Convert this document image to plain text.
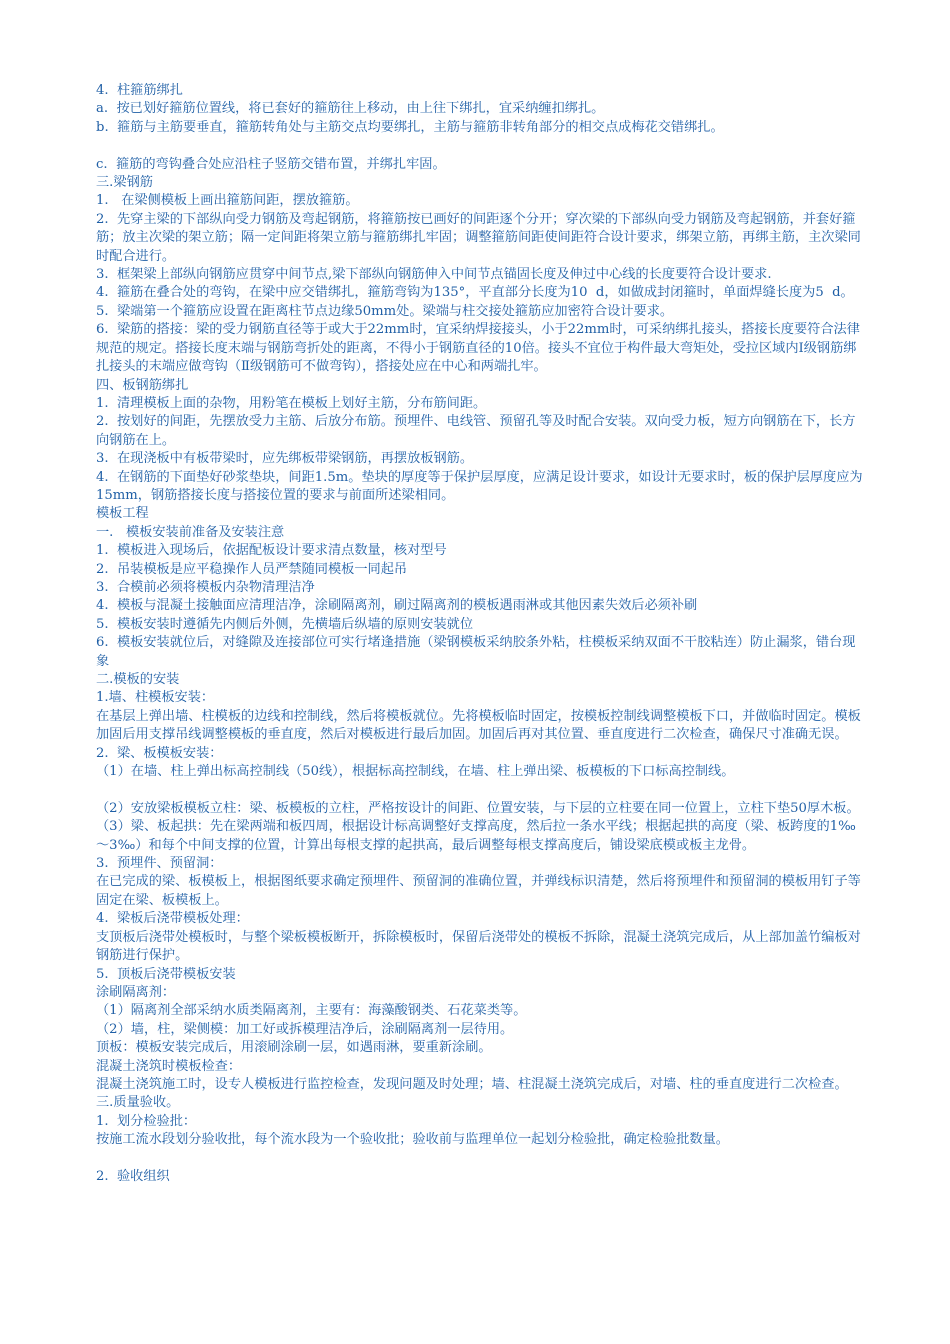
4.  柱箍筋绑扎
a.  按已划好箍筋位置线，将已套好的箍筋往上移动，由上往下绑扎，宜采纳缠扣绑扎。
b.  箍筋与主筋要垂直，箍筋转角处与主筋交点均要绑扎，主筋与箍筋非转角部分的相交点成梅花交错绑扎。

c.  箍筋的弯钩叠合处应沿柱子竖筋交错布置，并绑扎牢固。
三.梁钢筋
1.   在梁侧模板上画出箍筋间距，摆放箍筋。
2.  先穿主梁的下部纵向受力钢筋及弯起钢筋，将箍筋按已画好的间距逐个分开；穿次梁的下部纵向受力钢筋及弯起钢筋，并套好箍筋；放主次梁的架立筋；隔一定间距将架立筋与箍筋绑扎牢固；调整箍筋间距使间距符合设计要求，绑架立筋，再绑主筋，主次梁同时配合进行。
3.  框架梁上部纵向钢筋应贯穿中间节点,梁下部纵向钢筋伸入中间节点锚固长度及伸过中心线的长度要符合设计要求.
4.  箍筋在叠合处的弯钩，在梁中应交错绑扎，箍筋弯钩为135°，平直部分长度为10  d，如做成封闭箍时，单面焊缝长度为5  d。
5.  梁端第一个箍筋应设置在距离柱节点边缘50mm处。梁端与柱交接处箍筋应加密符合设计要求。
6.  梁筋的搭接：梁的受力钢筋直径等于或大于22mm时，宜采纳焊接接头，小于22mm时，可采纳绑扎接头，搭接长度要符合法律规范的规定。搭接长度末端与钢筋弯折处的距离，不得小于钢筋直径的10倍。接头不宜位于构件最大弯矩处，受拉区域内Ⅰ级钢筋绑扎接头的末端应做弯钩（Ⅱ级钢筋可不做弯钩），搭接处应在中心和两端扎牢。
四、板钢筋绑扎
1.  清理模板上面的杂物，用粉笔在模板上划好主筋，分布筋间距。
2.  按划好的间距，先摆放受力主筋、后放分布筋。预埋件、电线管、预留孔等及时配合安装。双向受力板，短方向钢筋在下，长方向钢筋在上。
3.  在现浇板中有板带梁时，应先绑板带梁钢筋，再摆放板钢筋。
4.  在钢筋的下面垫好砂浆垫块，间距1.5m。垫块的厚度等于保护层厚度，应满足设计要求，如设计无要求时，板的保护层厚度应为15mm，钢筋搭接长度与搭接位置的要求与前面所述梁相同。
模板工程
一.   模板安装前准备及安装注意
1.  模板进入现场后，依据配板设计要求清点数量，核对型号
2.  吊装模板是应平稳操作人员严禁随同模板一同起吊
3.  合模前必须将模板内杂物清理洁净
4.  模板与混凝土接触面应清理洁净，涂刷隔离剂，刷过隔离剂的模板遇雨淋或其他因素失效后必须补刷
5.  模板安装时遵循先内侧后外侧，先横墙后纵墙的原则安装就位
6.  模板安装就位后，对缝隙及连接部位可实行堵逢措施（梁钢模板采纳胶条外粘，柱模板采纳双面不干胶粘连）防止漏浆，错台现象
二.模板的安装
1.墙、柱模板安装：
在基层上弹出墙、柱模板的边线和控制线，然后将模板就位。先将模板临时固定，按模板控制线调整模板下口，并做临时固定。模板加固后用支撑吊线调整模板的垂直度，然后对模板进行最后加固。加固后再对其位置、垂直度进行二次检查，确保尺寸准确无误。
2.  梁、板模板安装：
（1）在墙、柱上弹出标高控制线（50线），根据标高控制线，在墙、柱上弹出梁、板模板的下口标高控制线。

（2）安放梁板模板立柱：梁、板模板的立柱，严格按设计的间距、位置安装，与下层的立柱要在同一位置上，立柱下垫50厚木板。
（3）梁、板起拱：先在梁两端和板四周，根据设计标高调整好支撑高度，然后拉一条水平线；根据起拱的高度（梁、板跨度的1‰～3‰）和每个中间支撑的位置，计算出每根支撑的起拱高，最后调整每根支撑高度后，铺设梁底模或板主龙骨。
3.  预埋件、预留洞：
在已完成的梁、板模板上，根据图纸要求确定预埋件、预留洞的准确位置，并弹线标识清楚，然后将预埋件和预留洞的模板用钉子等固定在梁、板模板上。
4.  梁板后浇带模板处理：
支顶板后浇带处模板时，与整个梁板模板断开，拆除模板时，保留后浇带处的模板不拆除，混凝土浇筑完成后，从上部加盖竹编板对钢筋进行保护。
5.  顶板后浇带模板安装
涂刷隔离剂：
（1）隔离剂全部采纳水质类隔离剂，主要有：海藻酸钢类、石花菜类等。
（2）墙，柱，梁侧模：加工好或拆模理洁净后，涂刷隔离剂一层待用。
顶板：模板安装完成后，用滚刷涂刷一层，如遇雨淋，要重新涂刷。
混凝土浇筑时模板检查：
混凝土浇筑施工时，设专人模板进行监控检查，发现问题及时处理；墙、柱混凝土浇筑完成后，对墙、柱的垂直度进行二次检查。
三.质量验收。
1.  划分检验批：
按施工流水段划分验收批，每个流水段为一个验收批；验收前与监理单位一起划分检验批，确定检验批数量。

2.  验收组织
